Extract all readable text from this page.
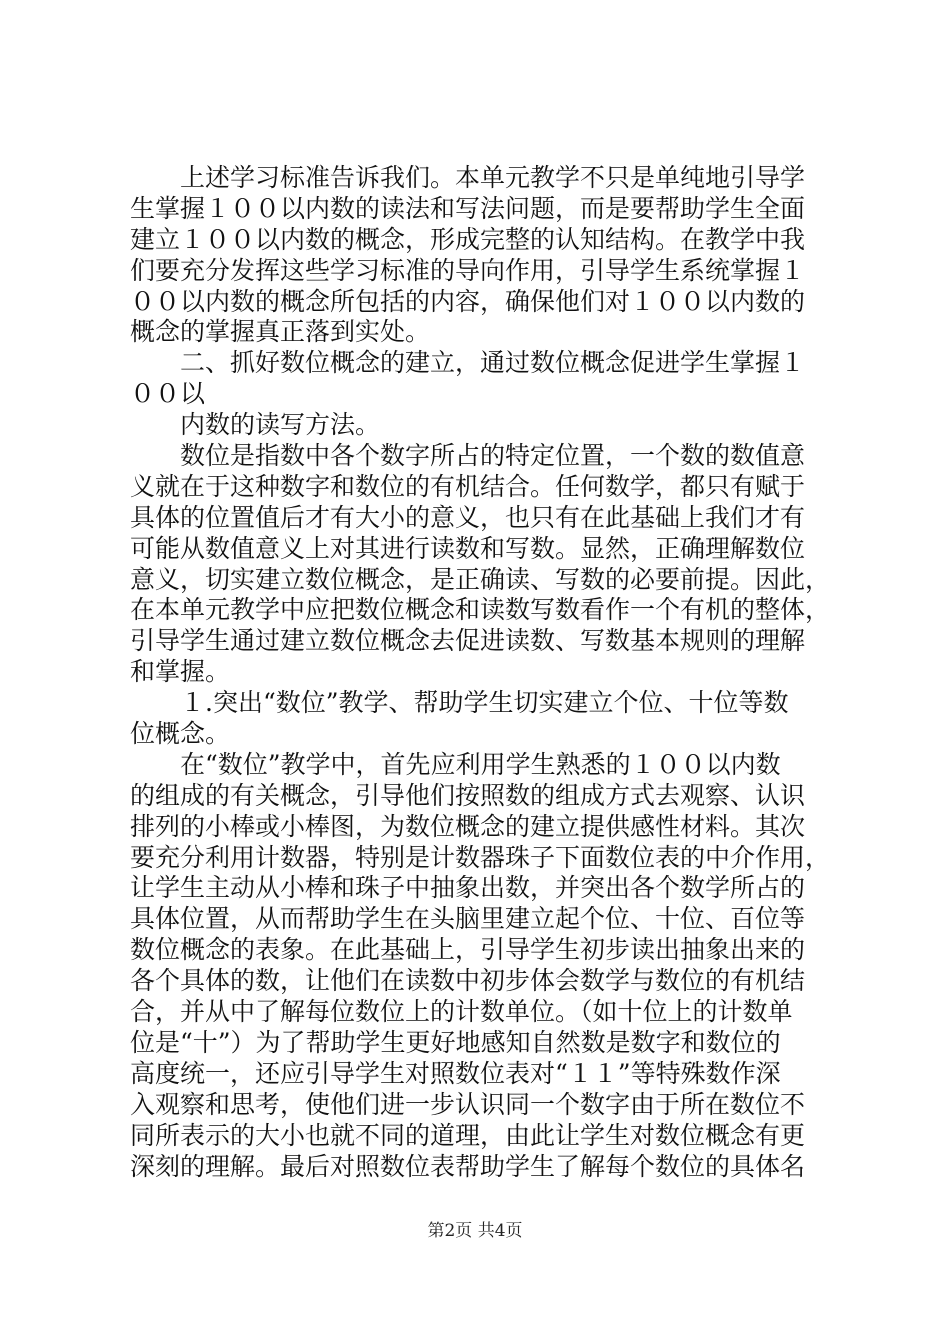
　　上述学习标准告诉我们。本单元教学不只是单纯地引导学
生掌握１００以内数的读法和写法问题，而是要帮助学生全面
建立１００以内数的概念，形成完整的认知结构。在教学中我
们要充分发挥这些学习标准的导向作用，引导学生系统掌握１
００以内数的概念所包括的内容，确保他们对１００以内数的
概念的掌握真正落到实处。
　　二、抓好数位概念的建立，通过数位概念促进学生掌握１
００以
　　内数的读写方法。
　　数位是指数中各个数字所占的特定位置，一个数的数值意
义就在于这种数字和数位的有机结合。任何数学，都只有赋于
具体的位置值后才有大小的意义，也只有在此基础上我们才有
可能从数值意义上对其进行读数和写数。显然，正确理解数位
意义，切实建立数位概念，是正确读、写数的必要前提。因此，
在本单元教学中应把数位概念和读数写数看作一个有机的整体，
引导学生通过建立数位概念去促进读数、写数基本规则的理解
和掌握。
　　１.突出“数位”教学、帮助学生切实建立个位、十位等数
位概念。
　　在“数位”教学中，首先应利用学生熟悉的１００以内数
的组成的有关概念，引导他们按照数的组成方式去观察、认识
排列的小棒或小棒图，为数位概念的建立提供感性材料。其次
要充分利用计数器，特别是计数器珠子下面数位表的中介作用，
让学生主动从小棒和珠子中抽象出数，并突出各个数学所占的
具体位置，从而帮助学生在头脑里建立起个位、十位、百位等
数位概念的表象。在此基础上，引导学生初步读出抽象出来的
各个具体的数，让他们在读数中初步体会数学与数位的有机结
合，并从中了解每位数位上的计数单位。（如十位上的计数单
位是“十”）为了帮助学生更好地感知自然数是数字和数位的
高度统一，还应引导学生对照数位表对“１１”等特殊数作深
入观察和思考，使他们进一步认识同一个数字由于所在数位不
同所表示的大小也就不同的道理，由此让学生对数位概念有更
深刻的理解。最后对照数位表帮助学生了解每个数位的具体名
第2页 共4页
